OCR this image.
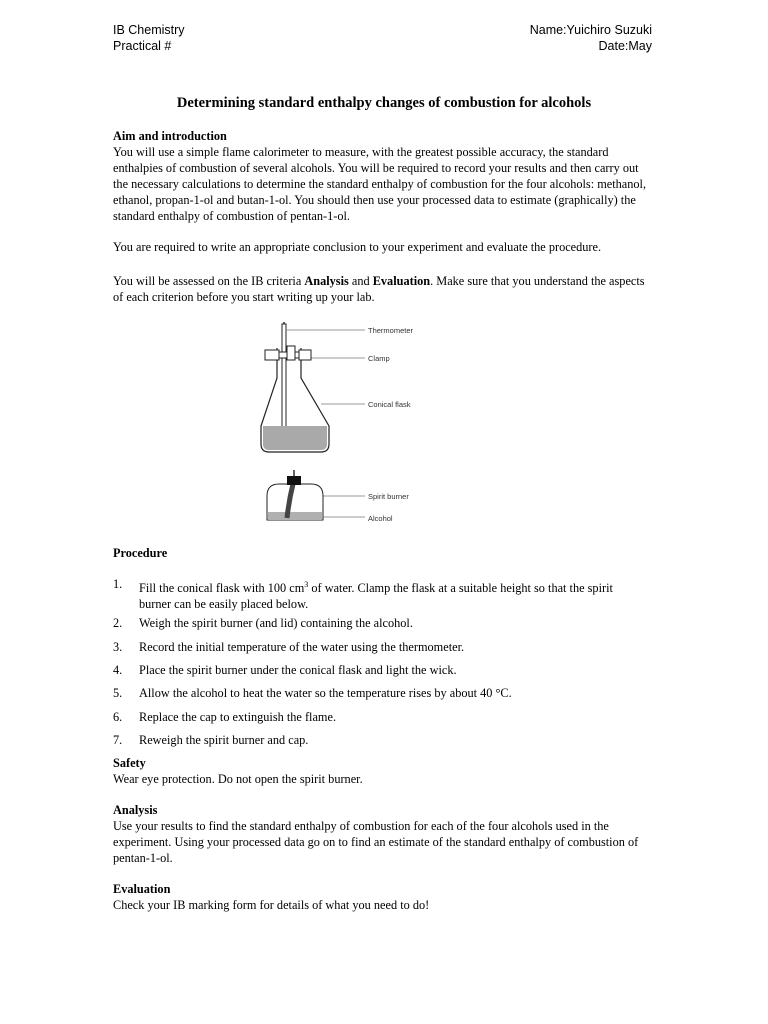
IB Chemistry
Practical #
Name:Yuichiro Suzuki
Date:May
Determining standard enthalpy changes of combustion for alcohols
Aim and introduction
You will use a simple flame calorimeter to measure, with the greatest possible accuracy, the standard enthalpies of combustion of several alcohols. You will be required to record your results and then carry out the necessary calculations to determine the standard enthalpy of combustion for the four alcohols: methanol, ethanol, propan-1-ol and butan-1-ol. You should then use your processed data to estimate (graphically) the standard enthalpy of combustion of pentan-1-ol.
You are required to write an appropriate conclusion to your experiment and evaluate the procedure.
You will be assessed on the IB criteria Analysis and Evaluation. Make sure that you understand the aspects of each criterion before you start writing up your lab.
Thermometer
Clamp
Conical flask
Spirit burner
Alcohol
Procedure
1. Fill the conical flask with 100 $cm^3$ of water. Clamp the flask at a suitable height so that the spirit burner can be easily placed below.
2. Weigh the spirit burner (and lid) containing the alcohol.
3. Record the initial temperature of the water using the thermometer.
4. Place the spirit burner under the conical flask and light the wick.
5. Allow the alcohol to heat the water so the temperature rises by about 40 °C.
6. Replace the cap to extinguish the flame.
7. Reweigh the spirit burner and cap.
Safety
Wear eye protection. Do not open the spirit burner.
Analysis
Use your results to find the standard enthalpy of combustion for each of the four alcohols used in the experiment. Using your processed data go on to find an estimate of the standard enthalpy of combustion of pentan-1-ol.
Evaluation
Check your IB marking form for details of what you need to do!
